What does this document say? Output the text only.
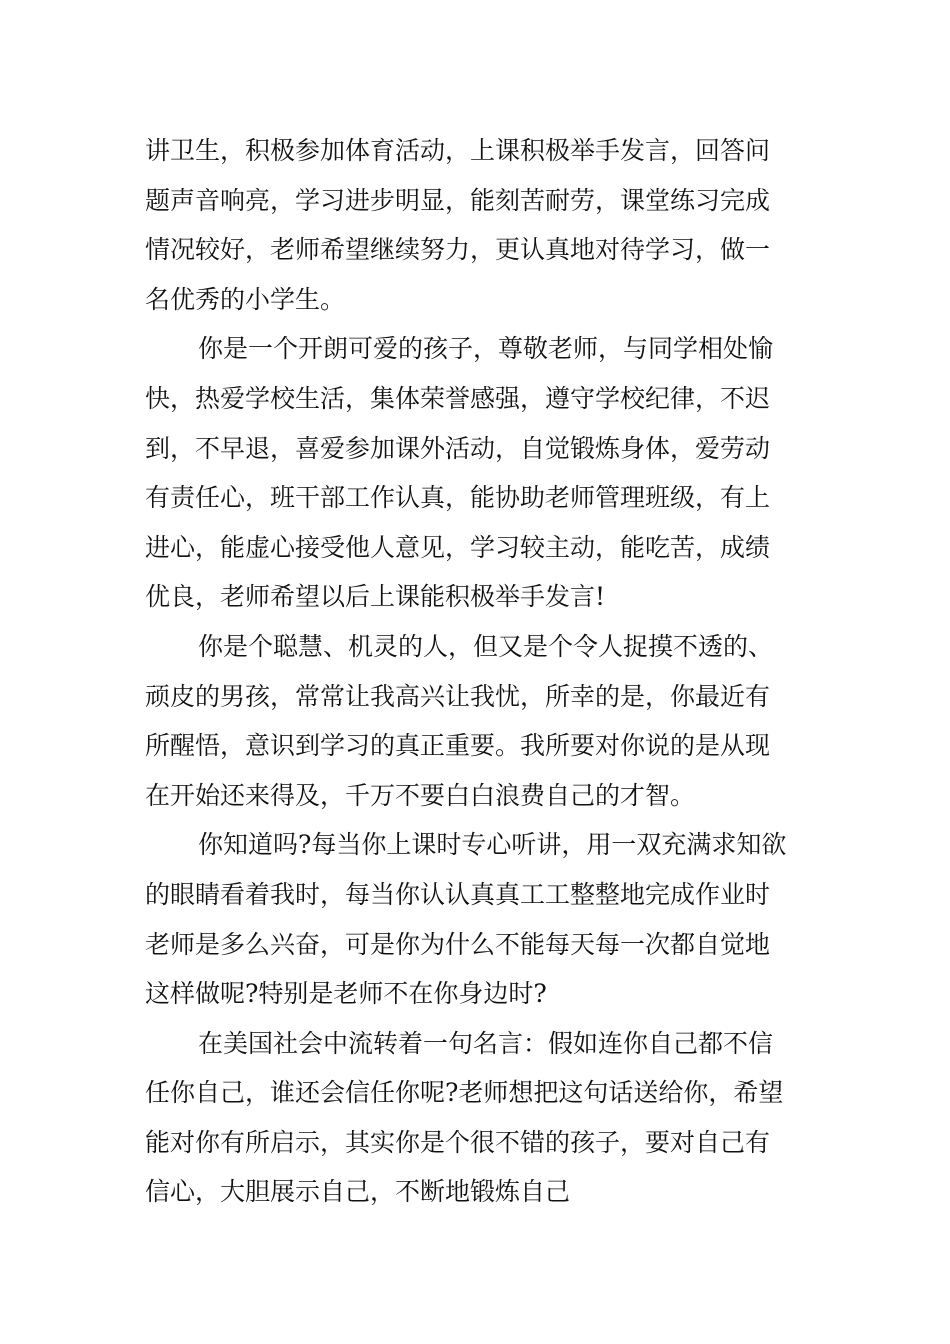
讲卫生，积极参加体育活动，上课积极举手发言，回答问
题声音响亮，学习进步明显，能刻苦耐劳，课堂练习完成
情况较好，老师希望继续努力，更认真地对待学习，做一
名优秀的小学生。
你是一个开朗可爱的孩子，尊敬老师，与同学相处愉
快，热爱学校生活，集体荣誉感强，遵守学校纪律，不迟
到，不早退，喜爱参加课外活动，自觉锻炼身体，爱劳动
有责任心，班干部工作认真，能协助老师管理班级，有上
进心，能虚心接受他人意见，学习较主动，能吃苦，成绩
优良，老师希望以后上课能积极举手发言!
你是个聪慧、机灵的人，但又是个令人捉摸不透的、
顽皮的男孩，常常让我高兴让我忧，所幸的是，你最近有
所醒悟，意识到学习的真正重要。我所要对你说的是从现
在开始还来得及，千万不要白白浪费自己的才智。
你知道吗?每当你上课时专心听讲，用一双充满求知欲
的眼睛看着我时，每当你认认真真工工整整地完成作业时
老师是多么兴奋，可是你为什么不能每天每一次都自觉地
这样做呢?特别是老师不在你身边时?
在美国社会中流转着一句名言：假如连你自己都不信
任你自己，谁还会信任你呢?老师想把这句话送给你，希望
能对你有所启示，其实你是个很不错的孩子，要对自己有
信心，大胆展示自己，不断地锻炼自己
